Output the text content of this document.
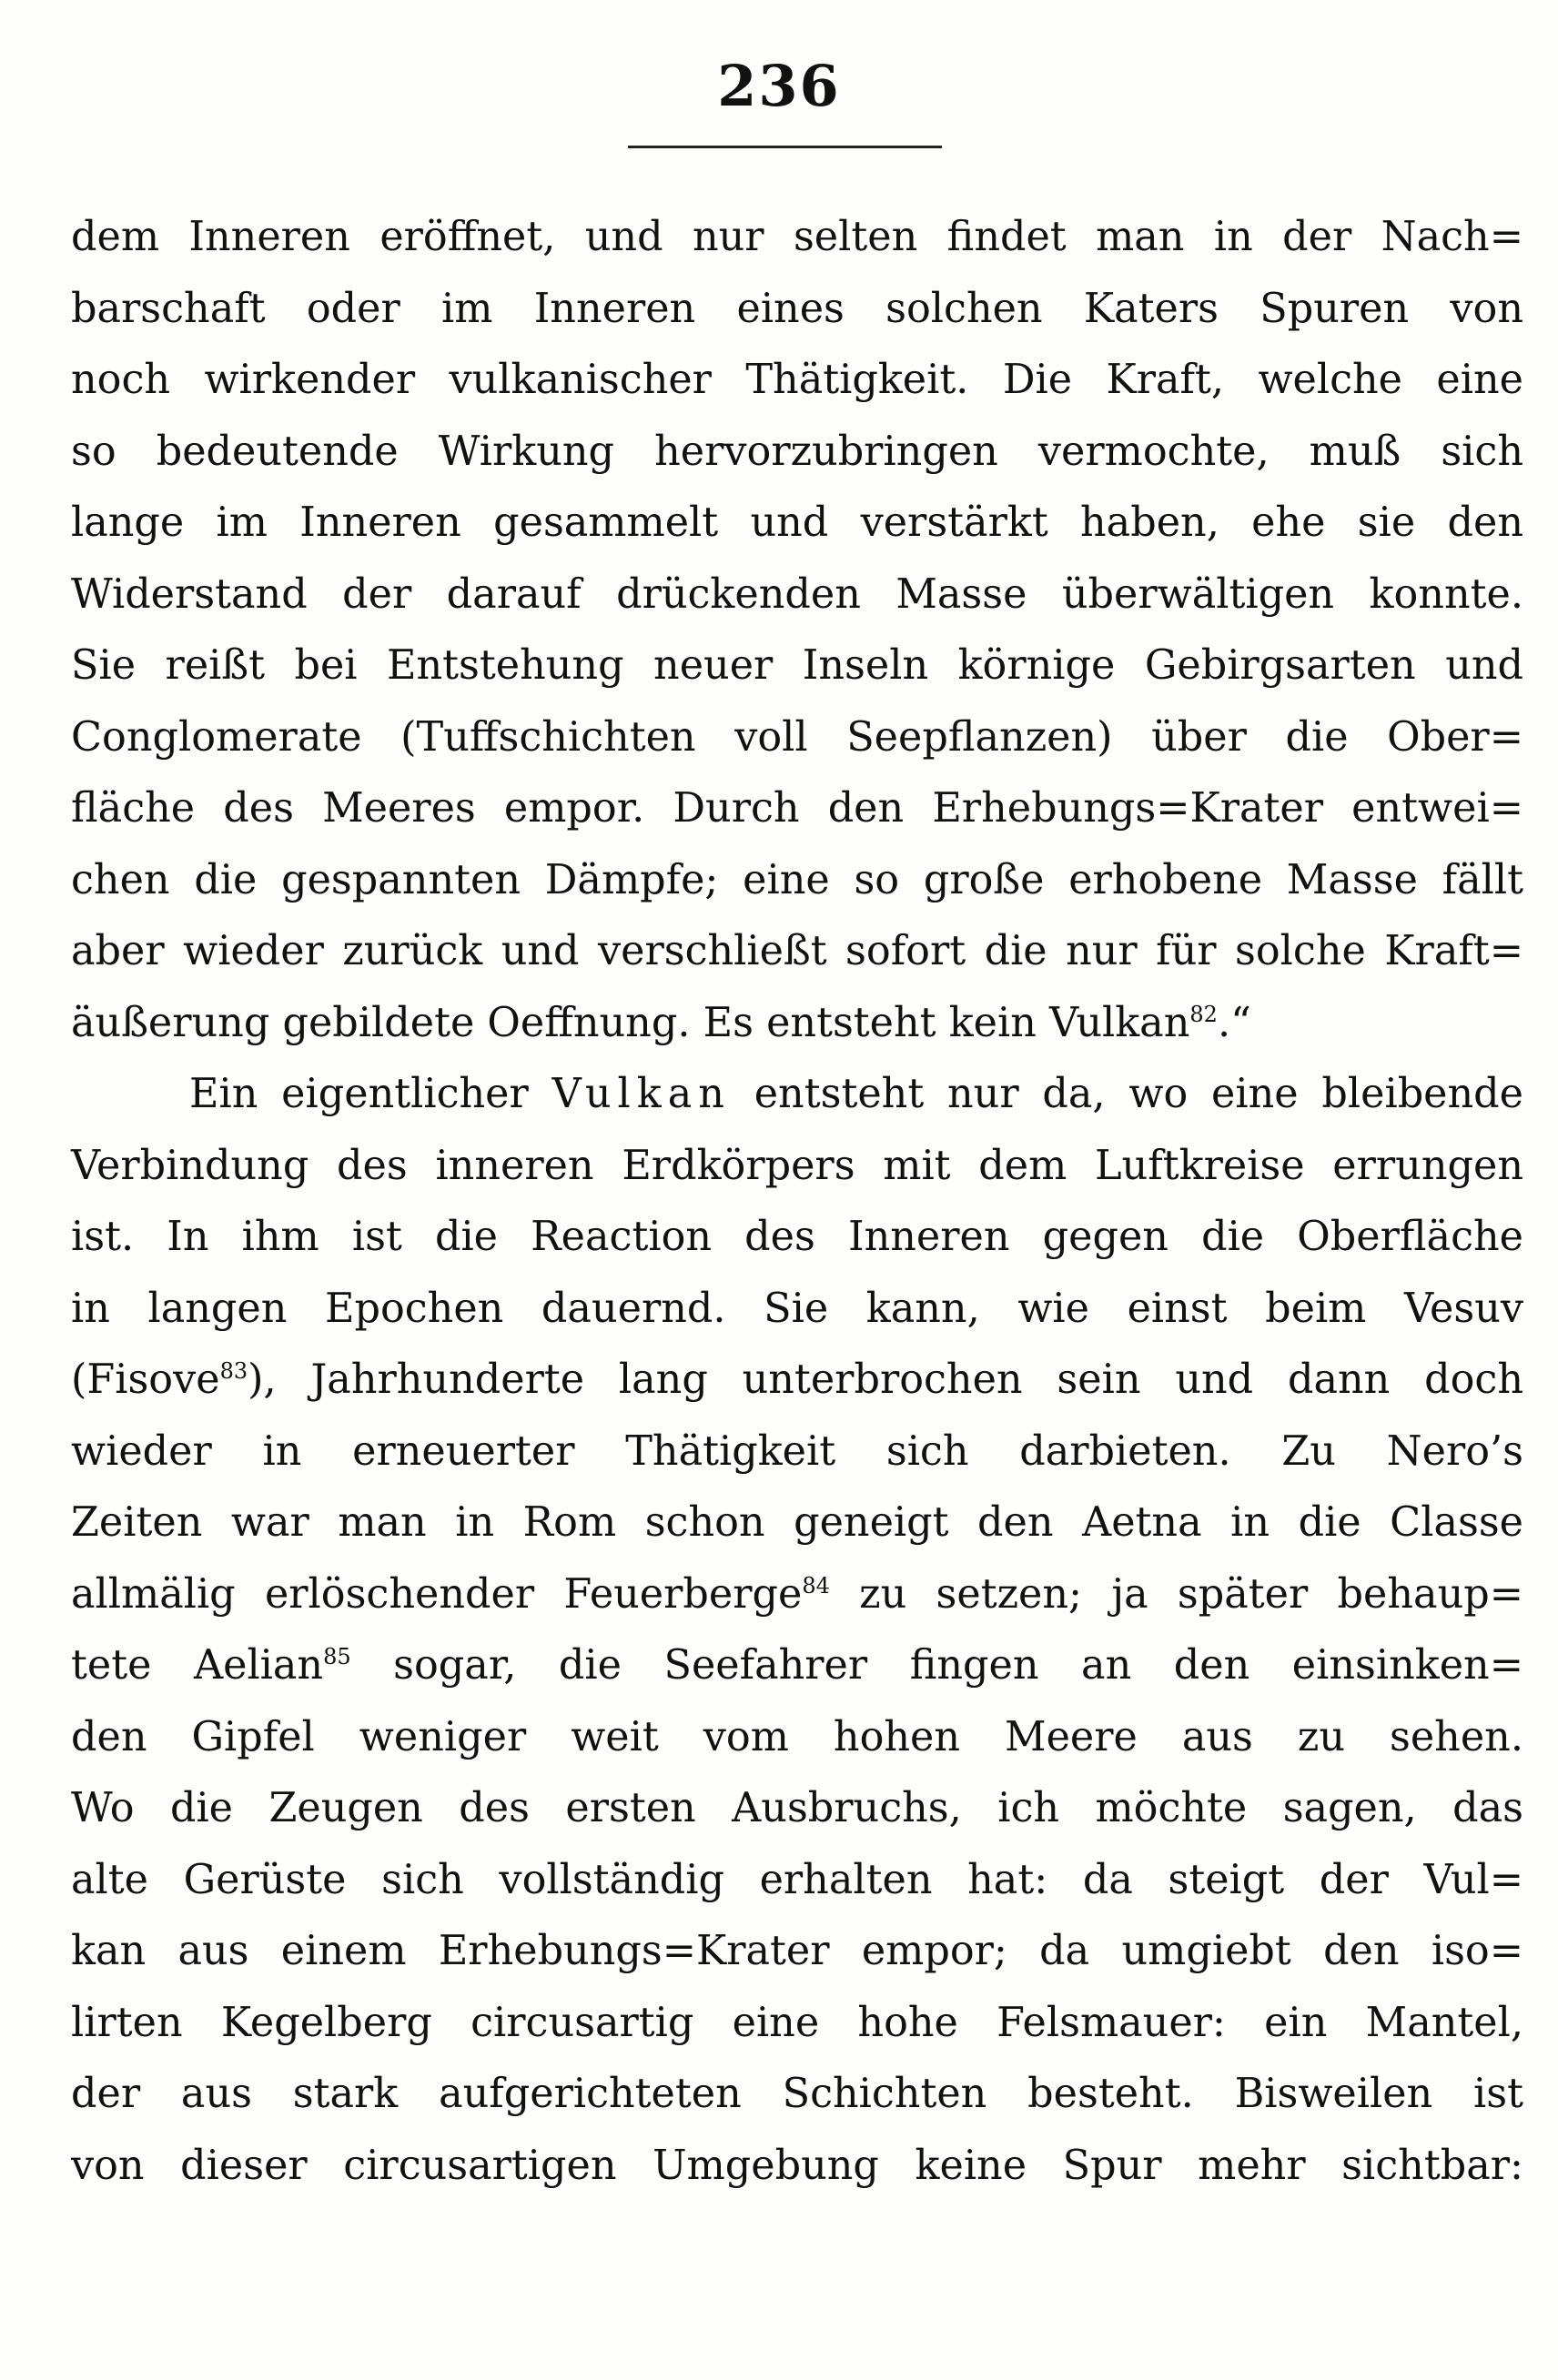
236
dem Inneren eröffnet, und nur selten findet man in der Nach=
barschaft oder im Inneren eines solchen Katers Spuren von
noch wirkender vulkanischer Thätigkeit. Die Kraft, welche eine
so bedeutende Wirkung hervorzubringen vermochte, muß sich
lange im Inneren gesammelt und verstärkt haben, ehe sie den
Widerstand der darauf drückenden Masse überwältigen konnte.
Sie reißt bei Entstehung neuer Inseln körnige Gebirgsarten und
Conglomerate (Tuffschichten voll Seepflanzen) über die Ober=
fläche des Meeres empor. Durch den Erhebungs=Krater entwei=
chen die gespannten Dämpfe; eine so große erhobene Masse fällt
aber wieder zurück und verschließt sofort die nur für solche Kraft=
äußerung gebildete Oeffnung. Es entsteht kein Vulkan$^{82}$.“
Ein eigentlicher Vulkan entsteht nur da, wo eine bleibende
Verbindung des inneren Erdkörpers mit dem Luftkreise errungen
ist. In ihm ist die Reaction des Inneren gegen die Oberfläche
in langen Epochen dauernd. Sie kann, wie einst beim Vesuv
(Fisove$^{83}$), Jahrhunderte lang unterbrochen sein und dann doch
wieder in erneuerter Thätigkeit sich darbieten. Zu Nero’s
Zeiten war man in Rom schon geneigt den Aetna in die Classe
allmälig erlöschender Feuerberge$^{84}$ zu setzen; ja später behaup=
tete Aelian$^{85}$ sogar, die Seefahrer fingen an den einsinken=
den Gipfel weniger weit vom hohen Meere aus zu sehen.
Wo die Zeugen des ersten Ausbruchs, ich möchte sagen, das
alte Gerüste sich vollständig erhalten hat: da steigt der Vul=
kan aus einem Erhebungs=Krater empor; da umgiebt den iso=
lirten Kegelberg circusartig eine hohe Felsmauer: ein Mantel,
der aus stark aufgerichteten Schichten besteht. Bisweilen ist
von dieser circusartigen Umgebung keine Spur mehr sichtbar:
